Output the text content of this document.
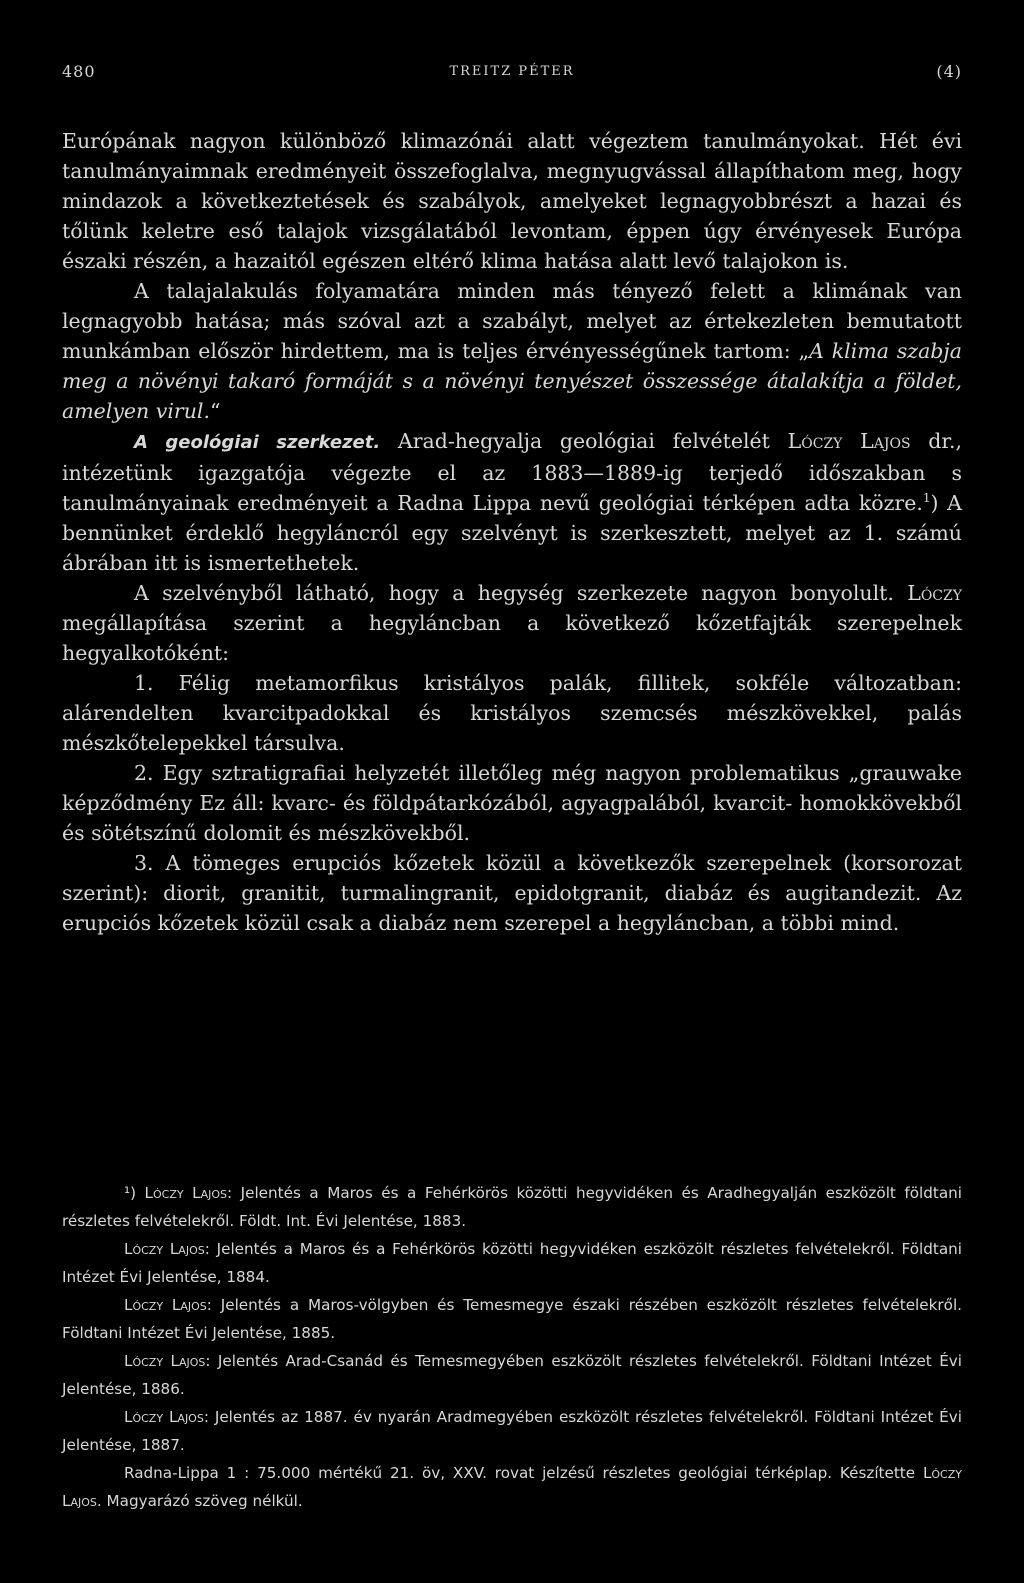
480	TREITZ PÉTER	(4)

Európának nagyon különböző klimazónái alatt végeztem tanulmányokat. Hét évi tanulmányaimnak eredményeit összefoglalva, megnyugvással állapíthatom meg, hogy mindazok a következtetések és szabályok, amelyeket legnagyobbrészt a hazai és tőlünk keletre eső talajok vizsgálatából levontam, éppen úgy érvényesek Európa északi részén, a hazaitól egészen eltérő klima hatása alatt levő talajokon is.

A talajalakulás folyamatára minden más tényező felett a klimának van legnagyobb hatása; más szóval azt a szabályt, melyet az értekezleten bemutatott munkámban először hirdettem, ma is teljes érvényességűnek tartom: „A klima szabja meg a növényi takaró formáját s a növényi tenyészet összessége átalakítja a földet, amelyen virul.“

A geológiai szerkezet. Arad-hegyalja geológiai felvételét Lóczy Lajos dr., intézetünk igazgatója végezte el az 1883—1889-ig terjedő időszakban s tanulmányainak eredményeit a Radna Lippa nevű geológiai térképen adta közre.$^1$) A bennünket érdeklő hegyláncról egy szelvényt is szerkesztett, melyet az 1. számú ábrában itt is ismertethetek.

A szelvényből látható, hogy a hegység szerkezete nagyon bonyolult. Lóczy megállapítása szerint a hegyláncban a következő kőzetfajták szerepelnek hegyalkotóként:

1. Félig metamorfikus kristályos palák, fillitek, sokféle változatban: alárendelten kvarcitpadokkal és kristályos szemcsés mészkövekkel, palás mészkőtelepekkel társulva.

2. Egy sztratigrafiai helyzetét illetőleg még nagyon problematikus „grauwake képződmény Ez áll: kvarc- és földpátarkózából, agyagpalából, kvarcit- homokkövekből és sötétszínű dolomit és mészkövekből.

3. A tömeges erupciós kőzetek közül a következők szerepelnek (korsorozat szerint): diorit, granitit, turmalingranit, epidotgranit, diabáz és augitandezit. Az erupciós kőzetek közül csak a diabáz nem szerepel a hegyláncban, a többi mind.

¹) Lóczy Lajos: Jelentés a Maros és a Fehérkörös közötti hegyvidéken és Aradhegyalján eszközölt földtani részletes felvételekről. Földt. Int. Évi Jelentése, 1883.

Lóczy Lajos: Jelentés a Maros és a Fehérkörös közötti hegyvidéken eszközölt részletes felvételekről. Földtani Intézet Évi Jelentése, 1884.

Lóczy Lajos: Jelentés a Maros-völgyben és Temesmegye északi részében eszközölt részletes felvételekről. Földtani Intézet Évi Jelentése, 1885.

Lóczy Lajos: Jelentés Arad-Csanád és Temesmegyében eszközölt részletes felvételekről. Földtani Intézet Évi Jelentése, 1886.

Lóczy Lajos: Jelentés az 1887. év nyarán Aradmegyében eszközölt részletes felvételekről. Földtani Intézet Évi Jelentése, 1887.

Radna-Lippa 1 : 75.000 mértékű 21. öv, XXV. rovat jelzésű részletes geológiai térképlap. Készítette Lóczy Lajos. Magyarázó szöveg nélkül.
